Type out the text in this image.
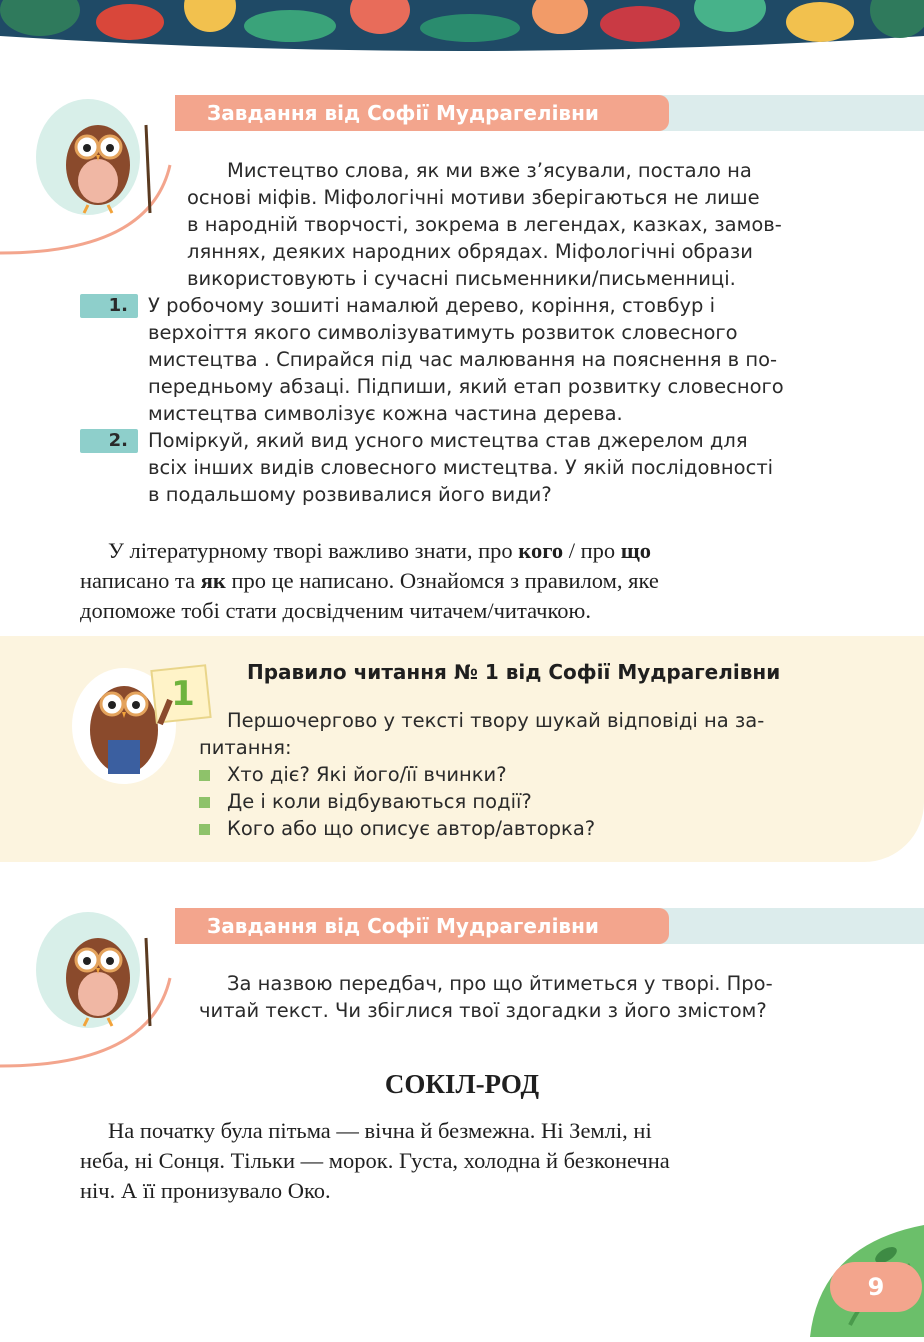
Завдання від Софії Мудрагелівни
Мистецтво слова, як ми вже з’ясували, постало на
основі міфів. Міфологічні мотиви зберігаються не лише
в народній творчості, зокрема в легендах, казках, замов-
ляннях, деяких народних обрядах. Міфологічні образи
використовують і сучасні письменники/письменниці.
1.	У робочому зошиті намалюй дерево, коріння, стовбур і
верхоіття якого символізуватимуть розвиток словесного
мистецтва . Спирайся під час малювання на пояснення в по-
передньому абзаці. Підпиши, який етап розвитку словесного
мистецтва символізує кожна частина дерева.
2.	Поміркуй, який вид усного мистецтва став джерелом для
всіх інших видів словесного мистецтва. У якій послідовності
в подальшому розвивалися його види?
У літературному творі важливо знати, про кого / про що
написано та як про це написано. Ознайомся з правилом, яке
допоможе тобі стати досвідченим читачем/читачкою.
1
Правило читання № 1 від Софії Мудрагелівни
Першочергово у тексті твору шукай відповіді на за-
питання:
Хто діє? Які його/її вчинки?
Де і коли відбуваються події?
Кого або що описує автор/авторка?
Завдання від Софії Мудрагелівни
За назвою передбач, про що йтиметься у творі. Про-
читай текст. Чи збіглися твої здогадки з його змістом?
СОКІЛ-РОД
На початку була пітьма — вічна й безмежна. Ні Землі, ні
неба, ні Сонця. Тільки — морок. Густа, холодна й безконечна
ніч. А її пронизувало Око.
9
